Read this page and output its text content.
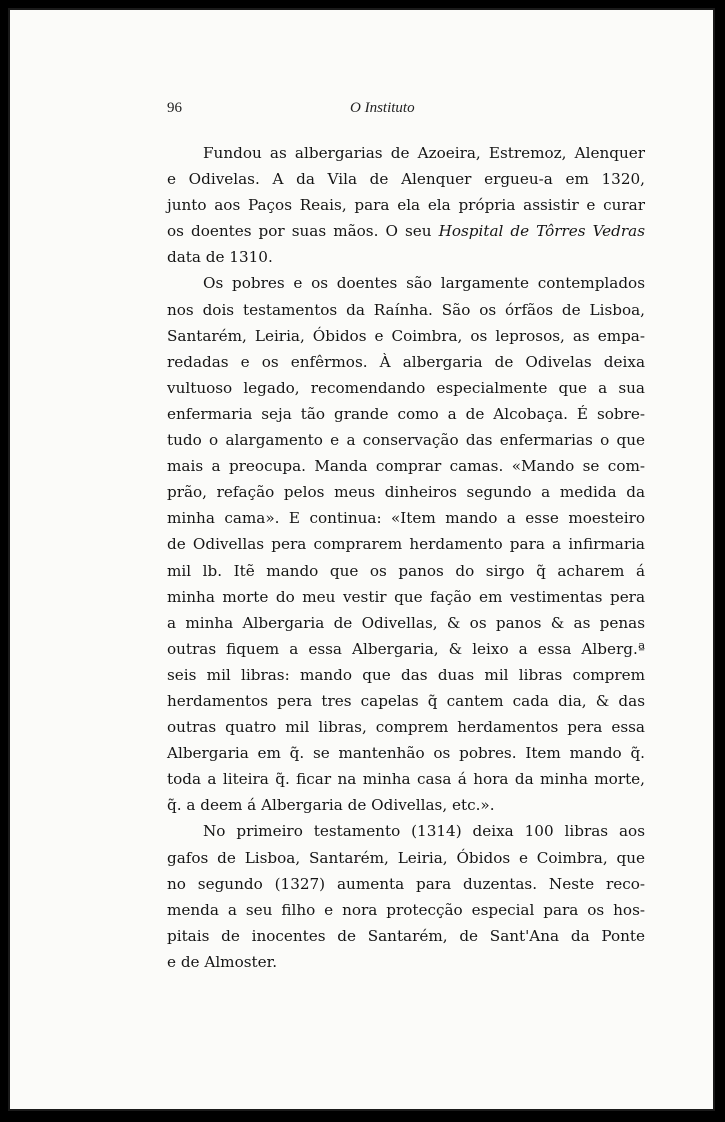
96	O Instituto
Fundou as albergarias de Azoeira, Estremoz, Alenquer
e Odivelas. A da Vila de Alenquer ergueu-a em 1320,
junto aos Paços Reais, para ela ela própria assistir e curar
os doentes por suas mãos. O seu Hospital de Tôrres Vedras
data de 1310.
Os pobres e os doentes são largamente contemplados
nos dois testamentos da Raínha. São os órfãos de Lisboa,
Santarém, Leiria, Óbidos e Coimbra, os leprosos, as empa-
redadas e os enfêrmos. À albergaria de Odivelas deixa
vultuoso legado, recomendando especialmente que a sua
enfermaria seja tão grande como a de Alcobaça. É sobre-
tudo o alargamento e a conservação das enfermarias o que
mais a preocupa. Manda comprar camas. «Mando se com-
prão, refação pelos meus dinheiros segundo a medida da
minha cama». E continua: «Item mando a esse moesteiro
de Odivellas pera comprarem herdamento para a infirmaria
mil lb. Itẽ mando que os panos do sirgo q̃ acharem á
minha morte do meu vestir que fação em vestimentas pera
a minha Albergaria de Odivellas, & os panos & as penas
outras fiquem a essa Albergaria, & leixo a essa Alberg.ª
seis mil libras: mando que das duas mil libras comprem
herdamentos pera tres capelas q̃ cantem cada dia, & das
outras quatro mil libras, comprem herdamentos pera essa
Albergaria em q̃. se mantenhão os pobres. Item mando q̃.
toda a liteira q̃. ficar na minha casa á hora da minha morte,
q̃. a deem á Albergaria de Odivellas, etc.».
No primeiro testamento (1314) deixa 100 libras aos
gafos de Lisboa, Santarém, Leiria, Óbidos e Coimbra, que
no segundo (1327) aumenta para duzentas. Neste reco-
menda a seu filho e nora protecção especial para os hos-
pitais de inocentes de Santarém, de Sant'Ana da Ponte
e de Almoster.
